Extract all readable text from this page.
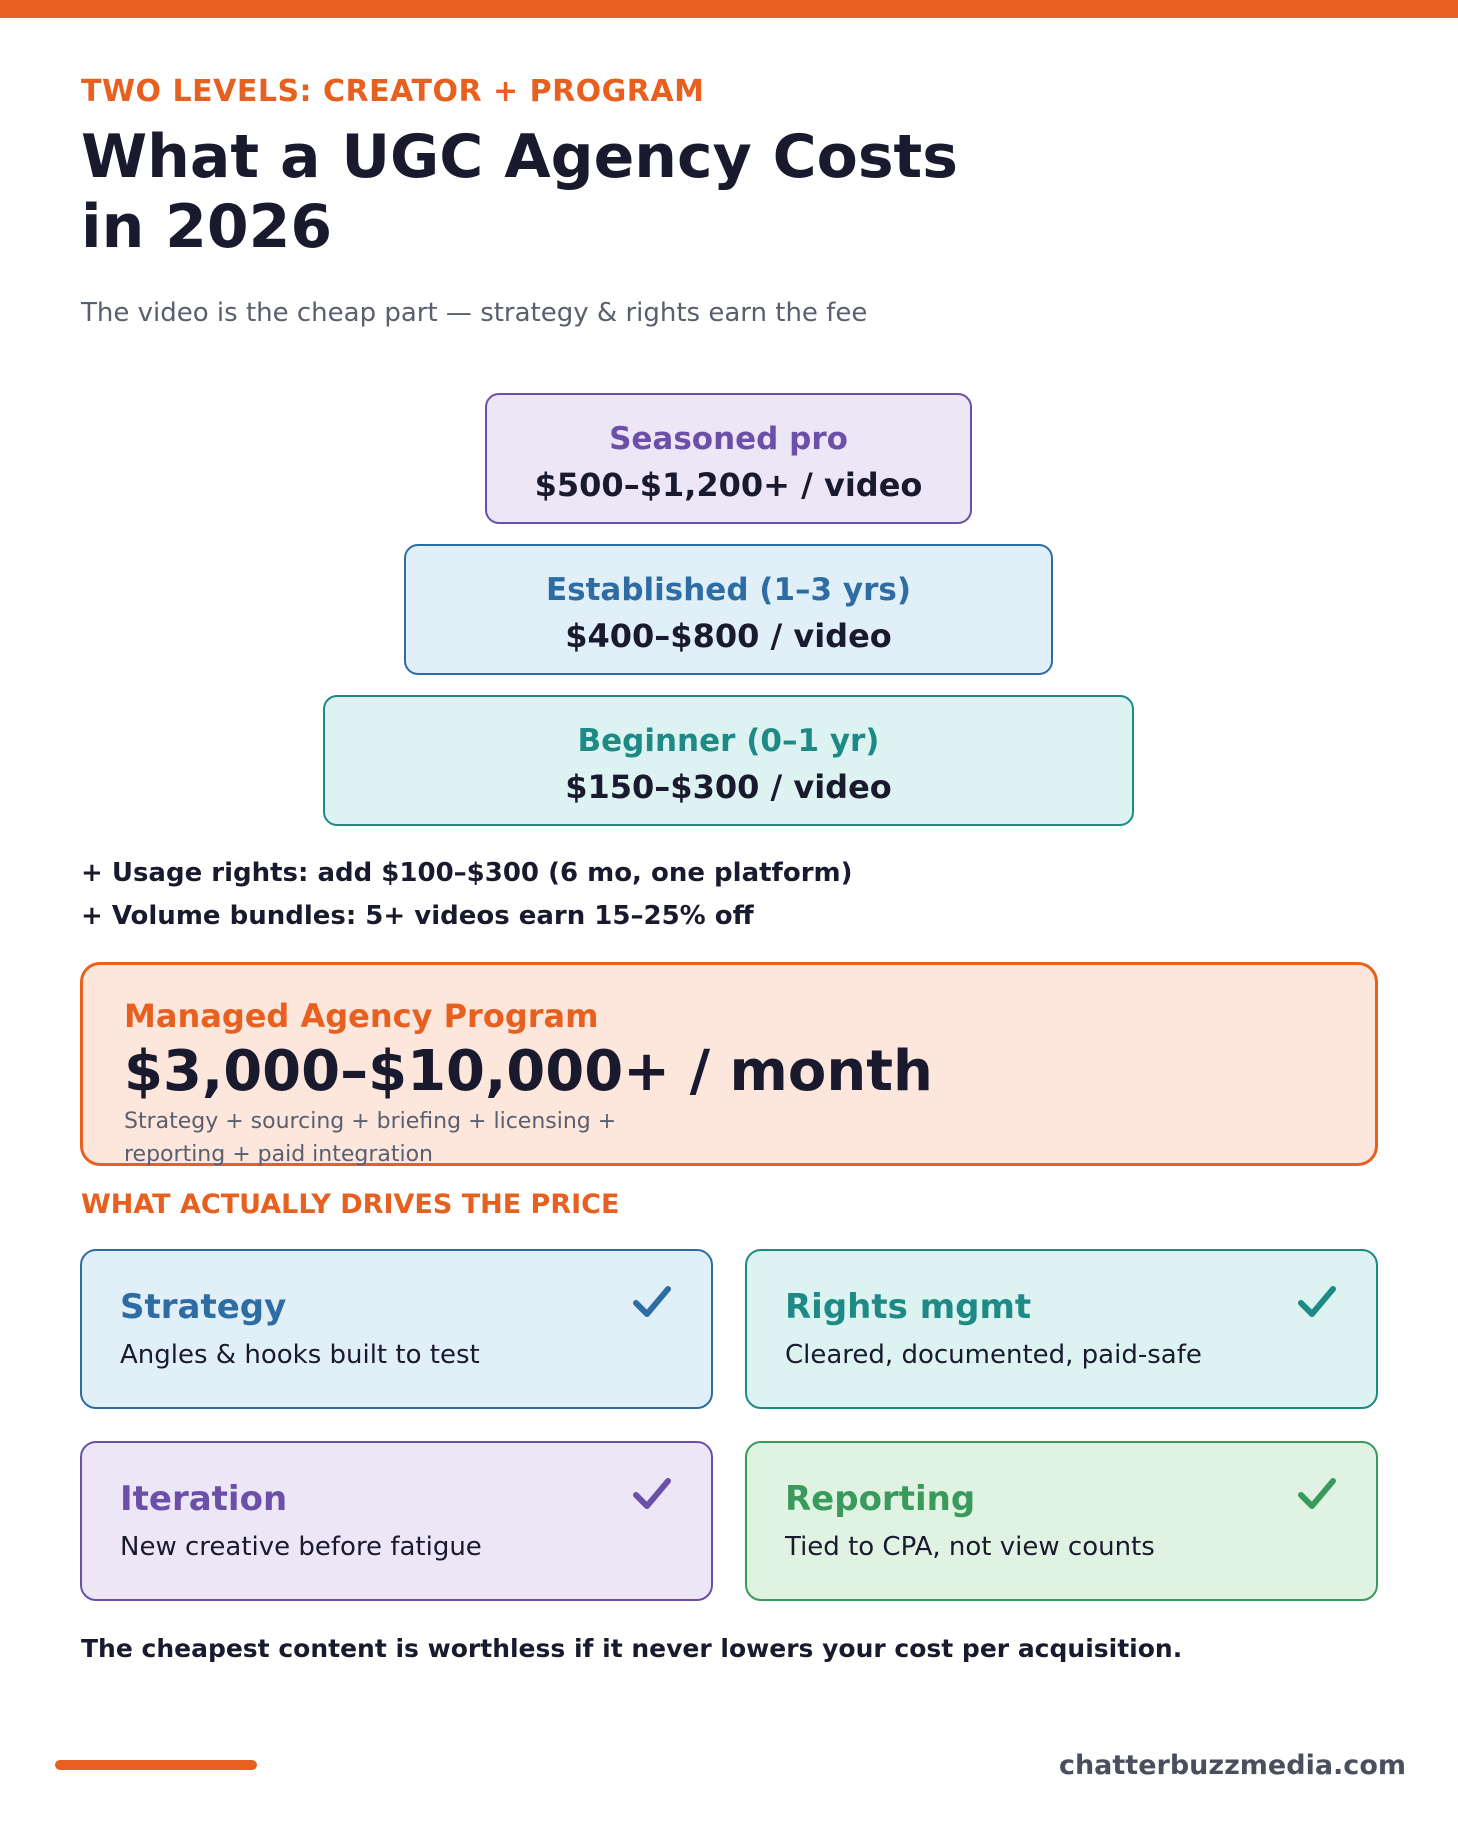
TWO LEVELS: CREATOR + PROGRAM
What a UGC Agency Costs in 2026
The video is the cheap part — strategy & rights earn the fee
Seasoned pro
$500–$1,200+ / video
Established (1–3 yrs)
$400–$800 / video
Beginner (0–1 yr)
$150–$300 / video
+ Usage rights: add $100–$300 (6 mo, one platform)
+ Volume bundles: 5+ videos earn 15–25% off
Managed Agency Program
$3,000–$10,000+ / month
Strategy + sourcing + briefing + licensing + reporting + paid integration
WHAT ACTUALLY DRIVES THE PRICE
Strategy
Angles & hooks built to test
Rights mgmt
Cleared, documented, paid-safe
Iteration
New creative before fatigue
Reporting
Tied to CPA, not view counts
The cheapest content is worthless if it never lowers your cost per acquisition.
chatterbuzzmedia.com
